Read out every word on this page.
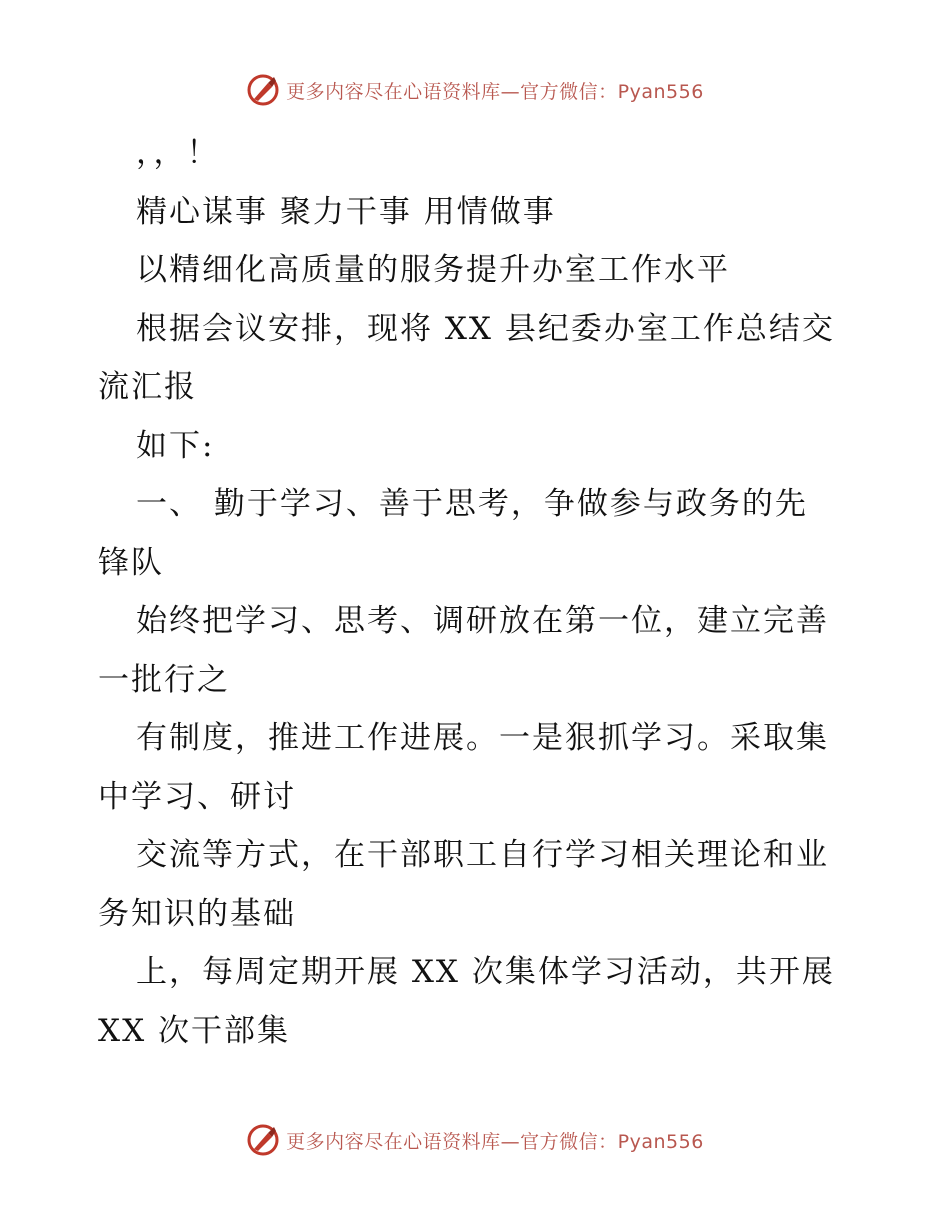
更多内容尽在心语资料库—官方微信：Pyan556
，，！
精心谋事 聚力干事 用情做事
以精细化高质量的服务提升办室工作水平
根据会议安排，现将 XX 县纪委办室工作总结交
流汇报
如下:
一、 勤于学习、善于思考，争做参与政务的先
锋队
始终把学习、思考、调研放在第一位，建立完善
一批行之
有制度，推进工作进展。一是狠抓学习。采取集
中学习、研讨
交流等方式，在干部职工自行学习相关理论和业
务知识的基础
上，每周定期开展 XX 次集体学习活动，共开展
XX 次干部集
更多内容尽在心语资料库—官方微信：Pyan556
